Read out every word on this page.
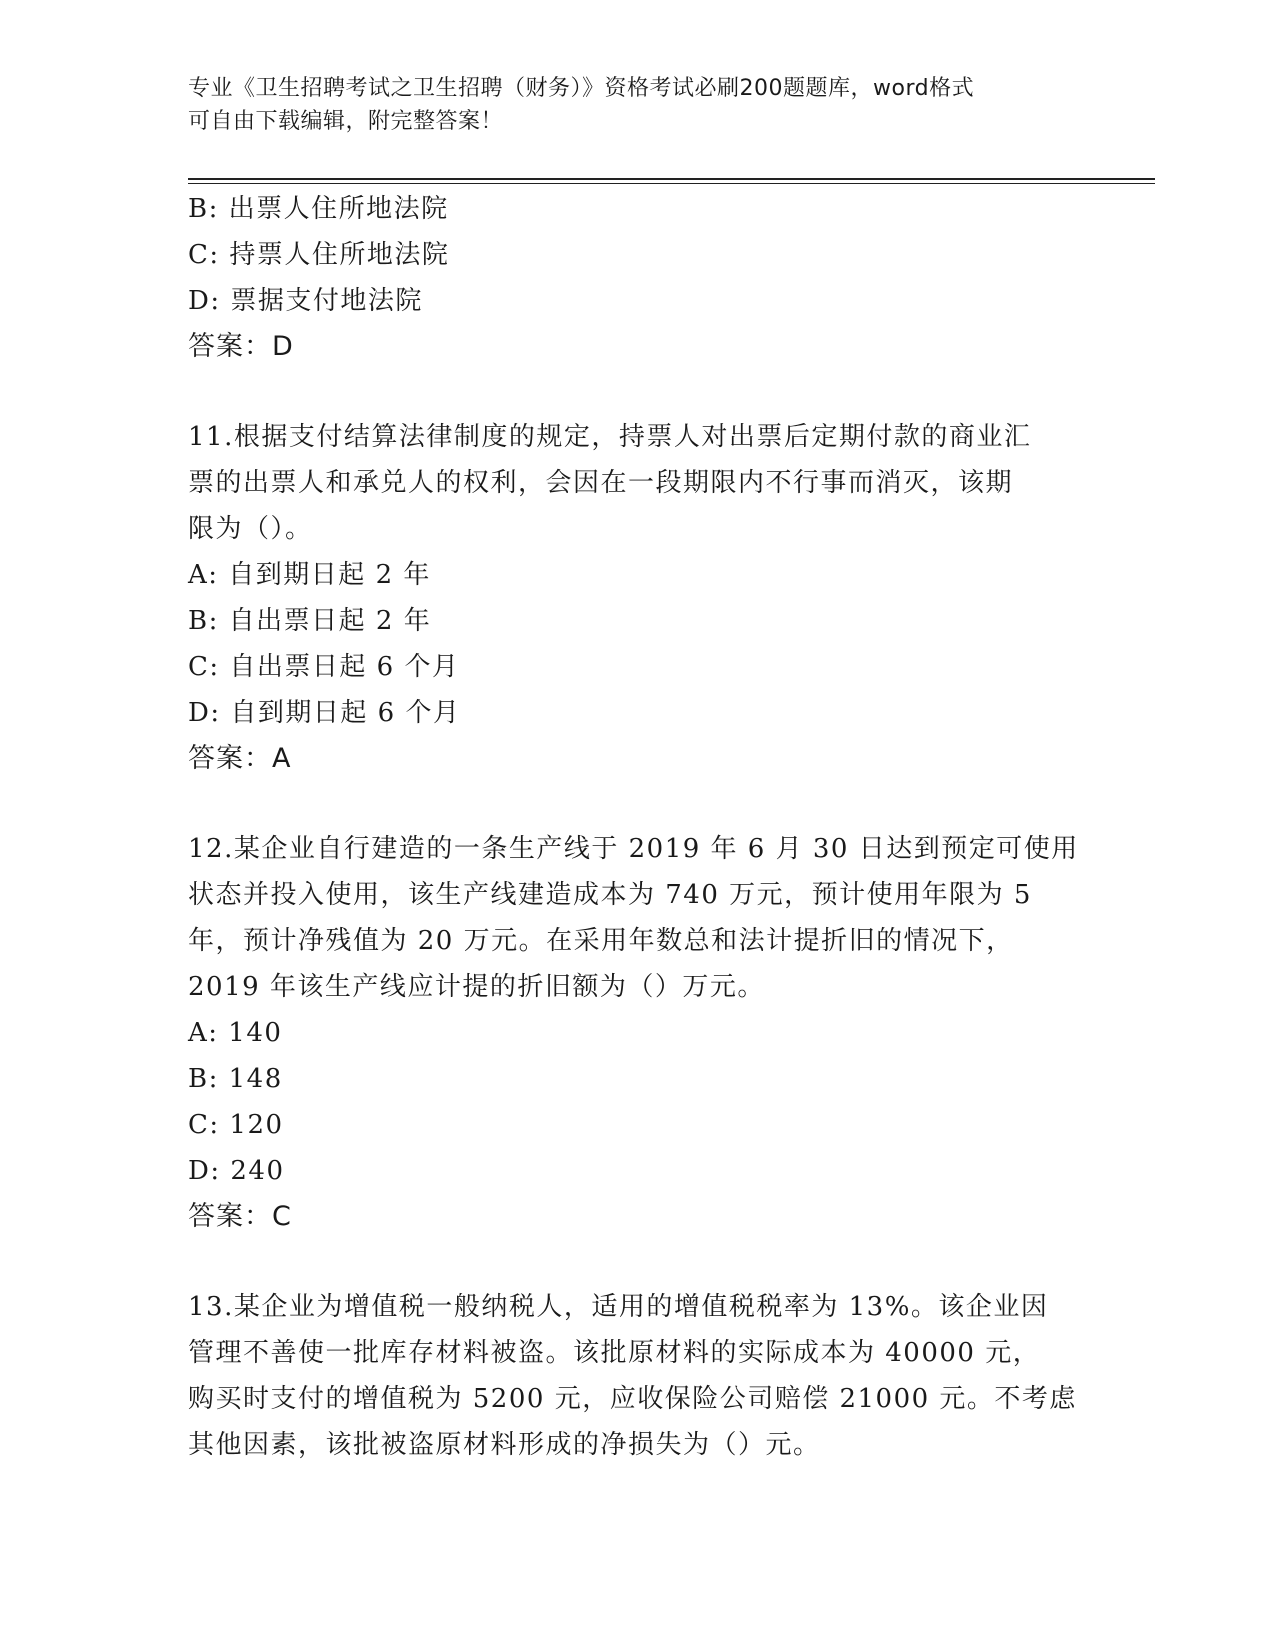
专业《卫生招聘考试之卫生招聘（财务）》资格考试必刷200题题库，word格式
可自由下载编辑，附完整答案！
B: 出票人住所地法院
C: 持票人住所地法院
D: 票据支付地法院
答案：D
11.根据支付结算法律制度的规定，持票人对出票后定期付款的商业汇
票的出票人和承兑人的权利，会因在一段期限内不行事而消灭，该期
限为（）。
A: 自到期日起 2 年
B: 自出票日起 2 年
C: 自出票日起 6 个月
D: 自到期日起 6 个月
答案：A
12.某企业自行建造的一条生产线于 2019 年 6 月 30 日达到预定可使用
状态并投入使用，该生产线建造成本为 740 万元，预计使用年限为 5
年，预计净残值为 20 万元。在采用年数总和法计提折旧的情况下，
2019 年该生产线应计提的折旧额为（）万元。
A: 140
B: 148
C: 120
D: 240
答案：C
13.某企业为增值税一般纳税人，适用的增值税税率为 13%。该企业因
管理不善使一批库存材料被盗。该批原材料的实际成本为 40000 元，
购买时支付的增值税为 5200 元，应收保险公司赔偿 21000 元。不考虑
其他因素，该批被盗原材料形成的净损失为（）元。
